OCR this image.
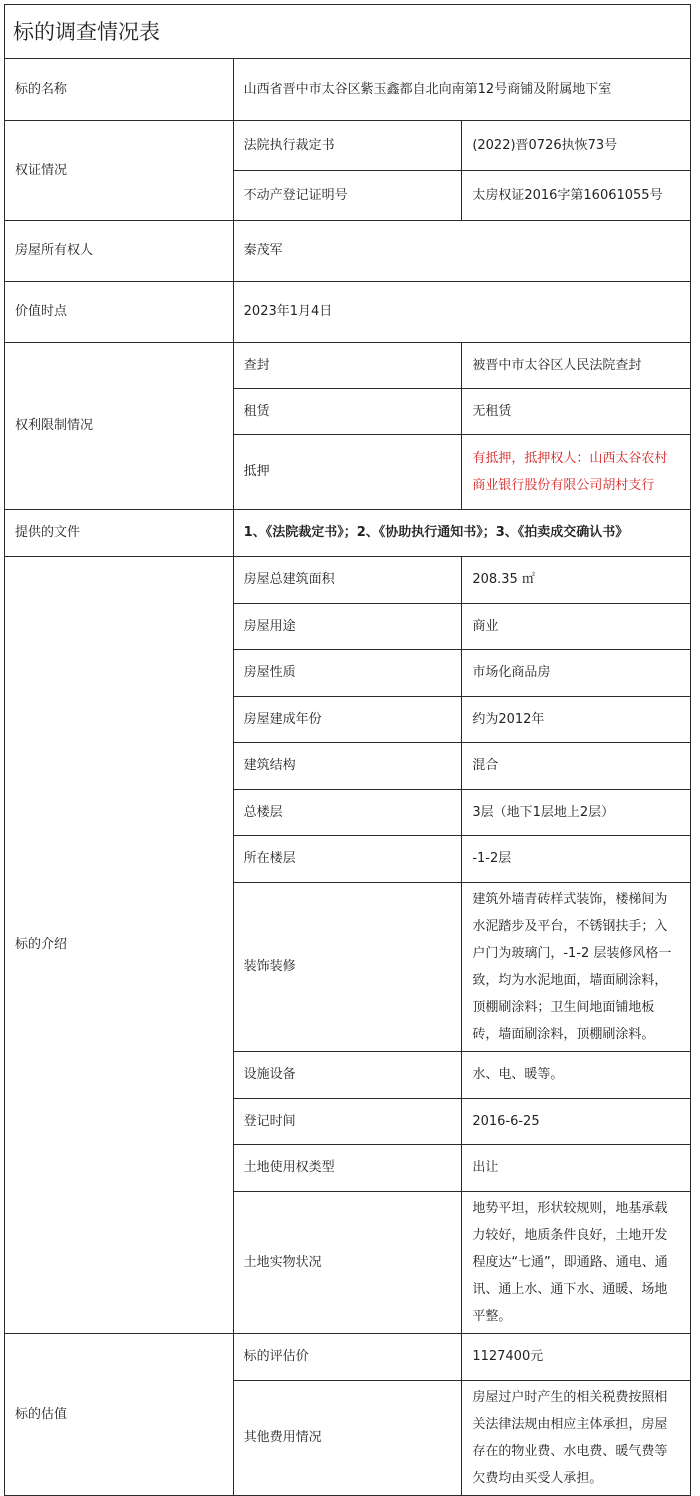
标的调查情况表		
标的名称	山西省晋中市太谷区紫玉鑫都自北向南第12号商铺及附属地下室	
权证情况	法院执行裁定书	(2022)晋0726执恢73号
	不动产登记证明号	太房权证2016字第16061055号
房屋所有权人	秦茂军	
价值时点	2023年1月4日	
权利限制情况	查封	被晋中市太谷区人民法院查封
	租赁	无租赁
	抵押	有抵押，抵押权人：山西太谷农村商业银行股份有限公司胡村支行
提供的文件	1、《法院裁定书》；2、《协助执行通知书》；3、《拍卖成交确认书》	
标的介绍	房屋总建筑面积	208.35 ㎡
	房屋用途	商业
	房屋性质	市场化商品房
	房屋建成年份	约为2012年
	建筑结构	混合
	总楼层	3层（地下1层地上2层）
	所在楼层	-1-2层
	装饰装修	建筑外墙青砖样式装饰，楼梯间为水泥踏步及平台，不锈钢扶手；入户门为玻璃门，-1-2 层装修风格一致，均为水泥地面，墙面刷涂料，顶棚刷涂料；卫生间地面铺地板砖，墙面刷涂料，顶棚刷涂料。
	设施设备	水、电、暖等。
	登记时间	2016-6-25
	土地使用权类型	出让
	土地实物状况	地势平坦，形状较规则，地基承载力较好，地质条件良好，土地开发程度达“七通”，即通路、通电、通讯、通上水、通下水、通暖、场地平整。
标的估值	标的评估价	1127400元
	其他费用情况	房屋过户时产生的相关税费按照相关法律法规由相应主体承担，房屋存在的物业费、水电费、暖气费等欠费均由买受人承担。
